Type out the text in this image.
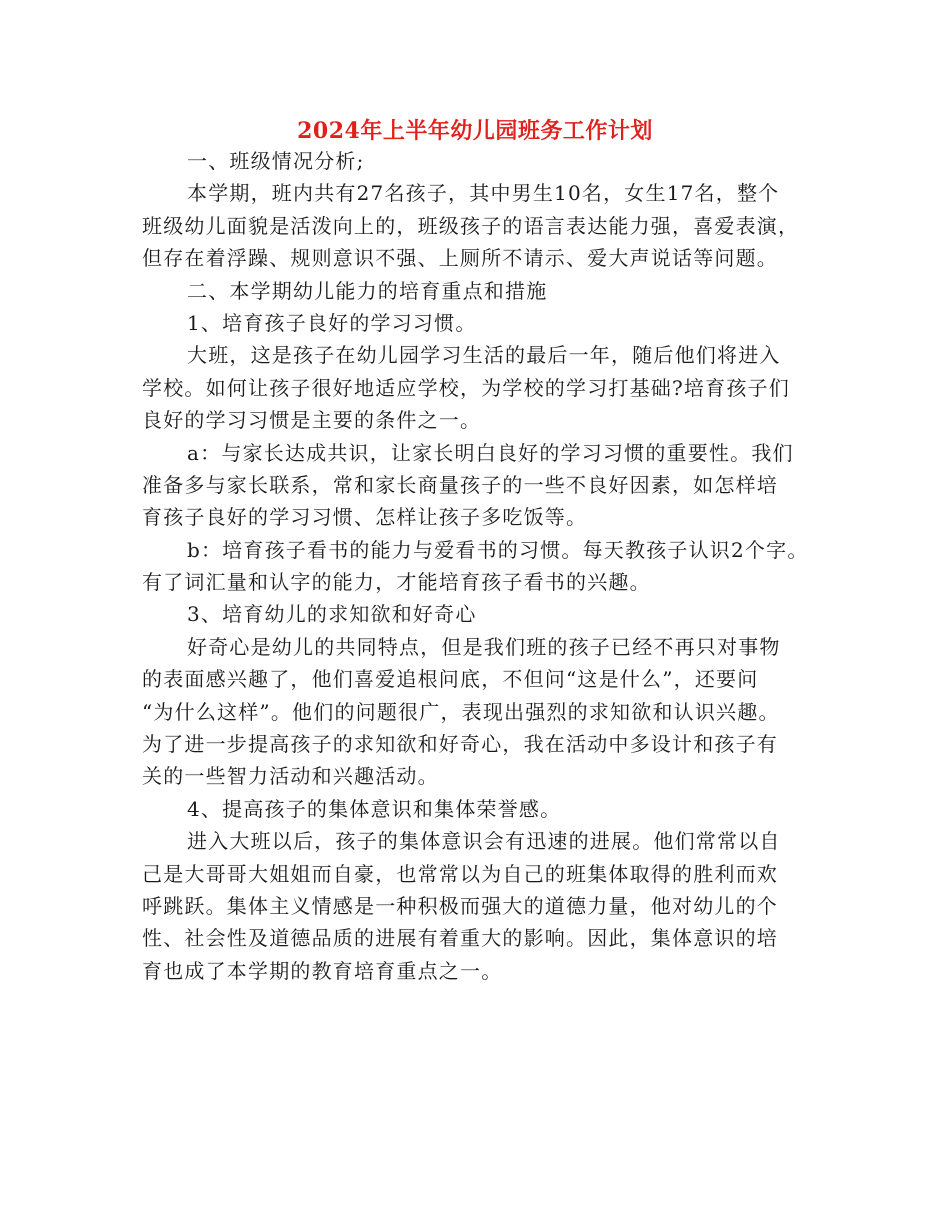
2024年上半年幼儿园班务工作计划
一、班级情况分析;
本学期，班内共有27名孩子，其中男生10名，女生17名，整个
班级幼儿面貌是活泼向上的，班级孩子的语言表达能力强，喜爱表演，
但存在着浮躁、规则意识不强、上厕所不请示、爱大声说话等问题。
二、本学期幼儿能力的培育重点和措施
1、培育孩子良好的学习习惯。
大班，这是孩子在幼儿园学习生活的最后一年，随后他们将进入
学校。如何让孩子很好地适应学校，为学校的学习打基础?培育孩子们
良好的学习习惯是主要的条件之一。
a：与家长达成共识，让家长明白良好的学习习惯的重要性。我们
准备多与家长联系，常和家长商量孩子的一些不良好因素，如怎样培
育孩子良好的学习习惯、怎样让孩子多吃饭等。
b：培育孩子看书的能力与爱看书的习惯。每天教孩子认识2个字。
有了词汇量和认字的能力，才能培育孩子看书的兴趣。
3、培育幼儿的求知欲和好奇心
好奇心是幼儿的共同特点，但是我们班的孩子已经不再只对事物
的表面感兴趣了，他们喜爱追根问底，不但问“这是什么”，还要问
“为什么这样”。他们的问题很广，表现出强烈的求知欲和认识兴趣。
为了进一步提高孩子的求知欲和好奇心，我在活动中多设计和孩子有
关的一些智力活动和兴趣活动。
4、提高孩子的集体意识和集体荣誉感。
进入大班以后，孩子的集体意识会有迅速的进展。他们常常以自
己是大哥哥大姐姐而自豪，也常常以为自己的班集体取得的胜利而欢
呼跳跃。集体主义情感是一种积极而强大的道德力量，他对幼儿的个
性、社会性及道德品质的进展有着重大的影响。因此，集体意识的培
育也成了本学期的教育培育重点之一。
